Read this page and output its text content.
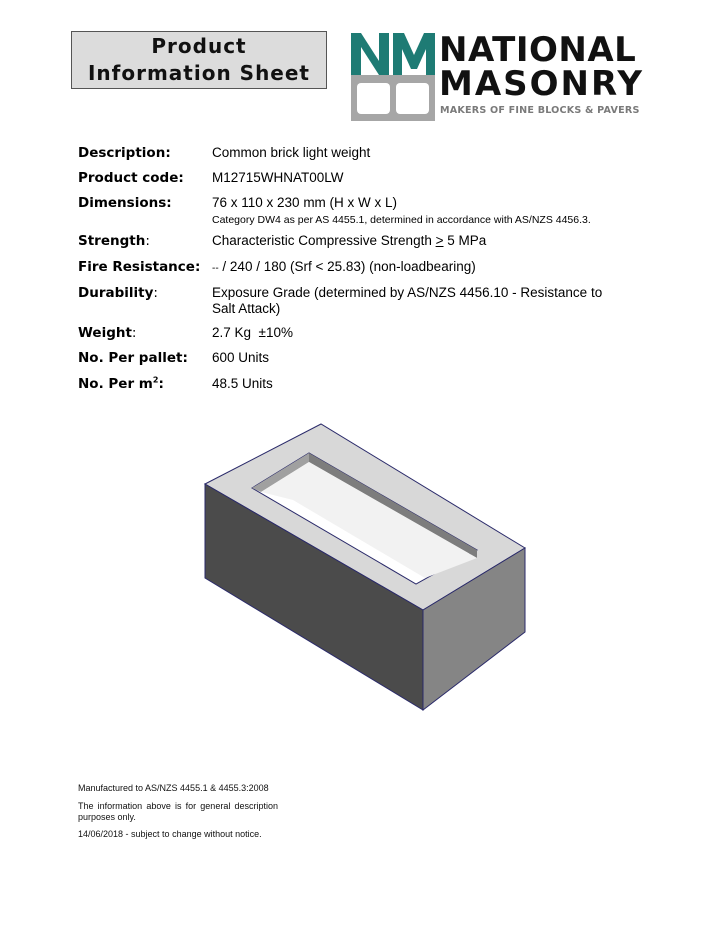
Product
Information Sheet
NATIONAL
MASONRY
MAKERS OF FINE BLOCKS & PAVERS
Description:	Common brick light weight
Product code: M12715WHNAT00LW
Dimensions:	76 x 110 x 230 mm (H x W x L)
Category DW4 as per AS 4455.1, determined in accordance with AS/NZS 4456.3.
Strength:	Characteristic Compressive Strength ≥ 5 MPa
Fire Resistance: -- / 240 / 180 (Srf < 25.83) (non-loadbearing)
Durability:	Exposure Grade (determined by AS/NZS 4456.10 - Resistance to Salt Attack)
Weight:	2.7 Kg  ±10%
No. Per pallet: 600 Units
No. Per $m^2$:	48.5 Units
Manufactured to AS/NZS 4455.1 & 4455.3:2008
The information above is for general description purposes only.
14/06/2018 - subject to change without notice.
